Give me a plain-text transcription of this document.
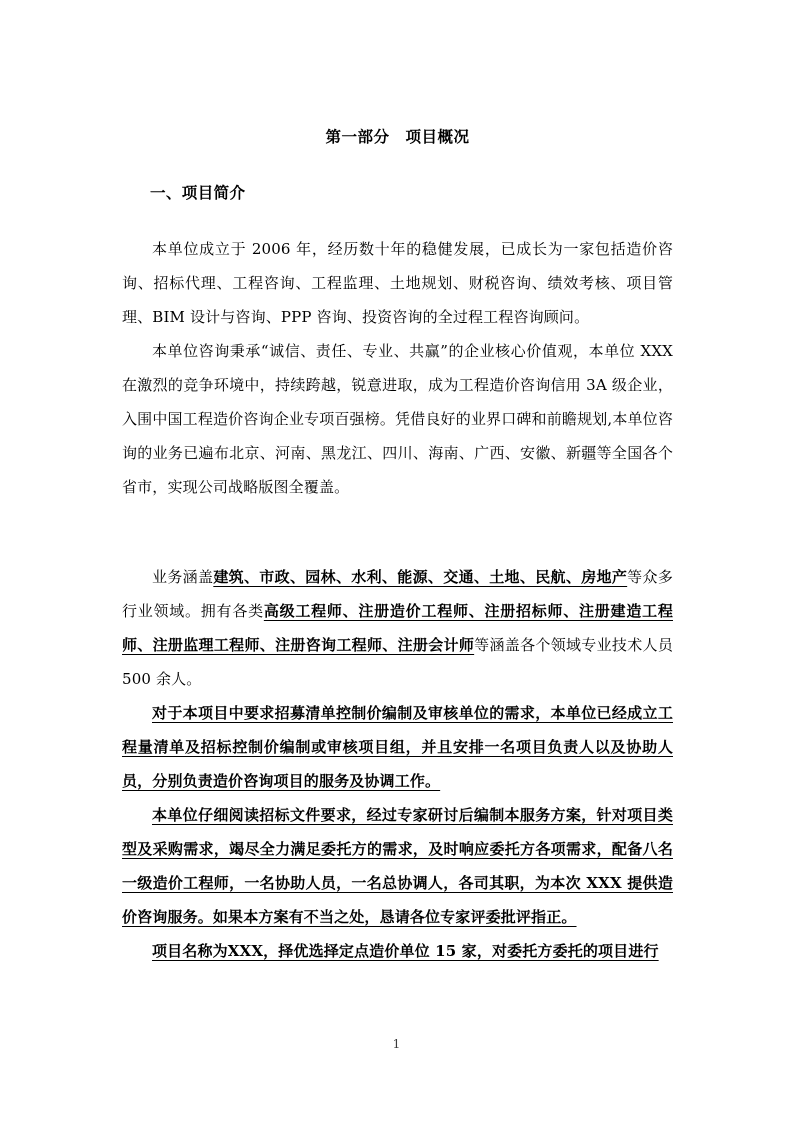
第一部分　项目概况
一、项目简介

本单位成立于 2006 年，经历数十年的稳健发展，已成长为一家包括造价咨询、招标代理、工程咨询、工程监理、土地规划、财税咨询、绩效考核、项目管理、BIM 设计与咨询、PPP 咨询、投资咨询的全过程工程咨询顾问。

本单位咨询秉承“诚信、责任、专业、共赢”的企业核心价值观，本单位 XXX 在激烈的竞争环境中，持续跨越，锐意进取，成为工程造价咨询信用 3A 级企业，入围中国工程造价咨询企业专项百强榜。凭借良好的业界口碑和前瞻规划,本单位咨询的业务已遍布北京、河南、黑龙江、四川、海南、广西、安徽、新疆等全国各个省市，实现公司战略版图全覆盖。

业务涵盖建筑、市政、园林、水利、能源、交通、土地、民航、房地产等众多行业领域。拥有各类高级工程师、注册造价工程师、注册招标师、注册建造工程师、注册监理工程师、注册咨询工程师、注册会计师等涵盖各个领域专业技术人员 500 余人。

对于本项目中要求招募清单控制价编制及审核单位的需求，本单位已经成立工程量清单及招标控制价编制或审核项目组，并且安排一名项目负责人以及协助人员，分别负责造价咨询项目的服务及协调工作。

本单位仔细阅读招标文件要求，经过专家研讨后编制本服务方案，针对项目类型及采购需求，竭尽全力满足委托方的需求，及时响应委托方各项需求，配备八名一级造价工程师，一名协助人员，一名总协调人，各司其职，为本次 XXX 提供造价咨询服务。如果本方案有不当之处，恳请各位专家评委批评指正。

项目名称为XXX，择优选择定点造价单位 15 家，对委托方委托的项目进行

1
